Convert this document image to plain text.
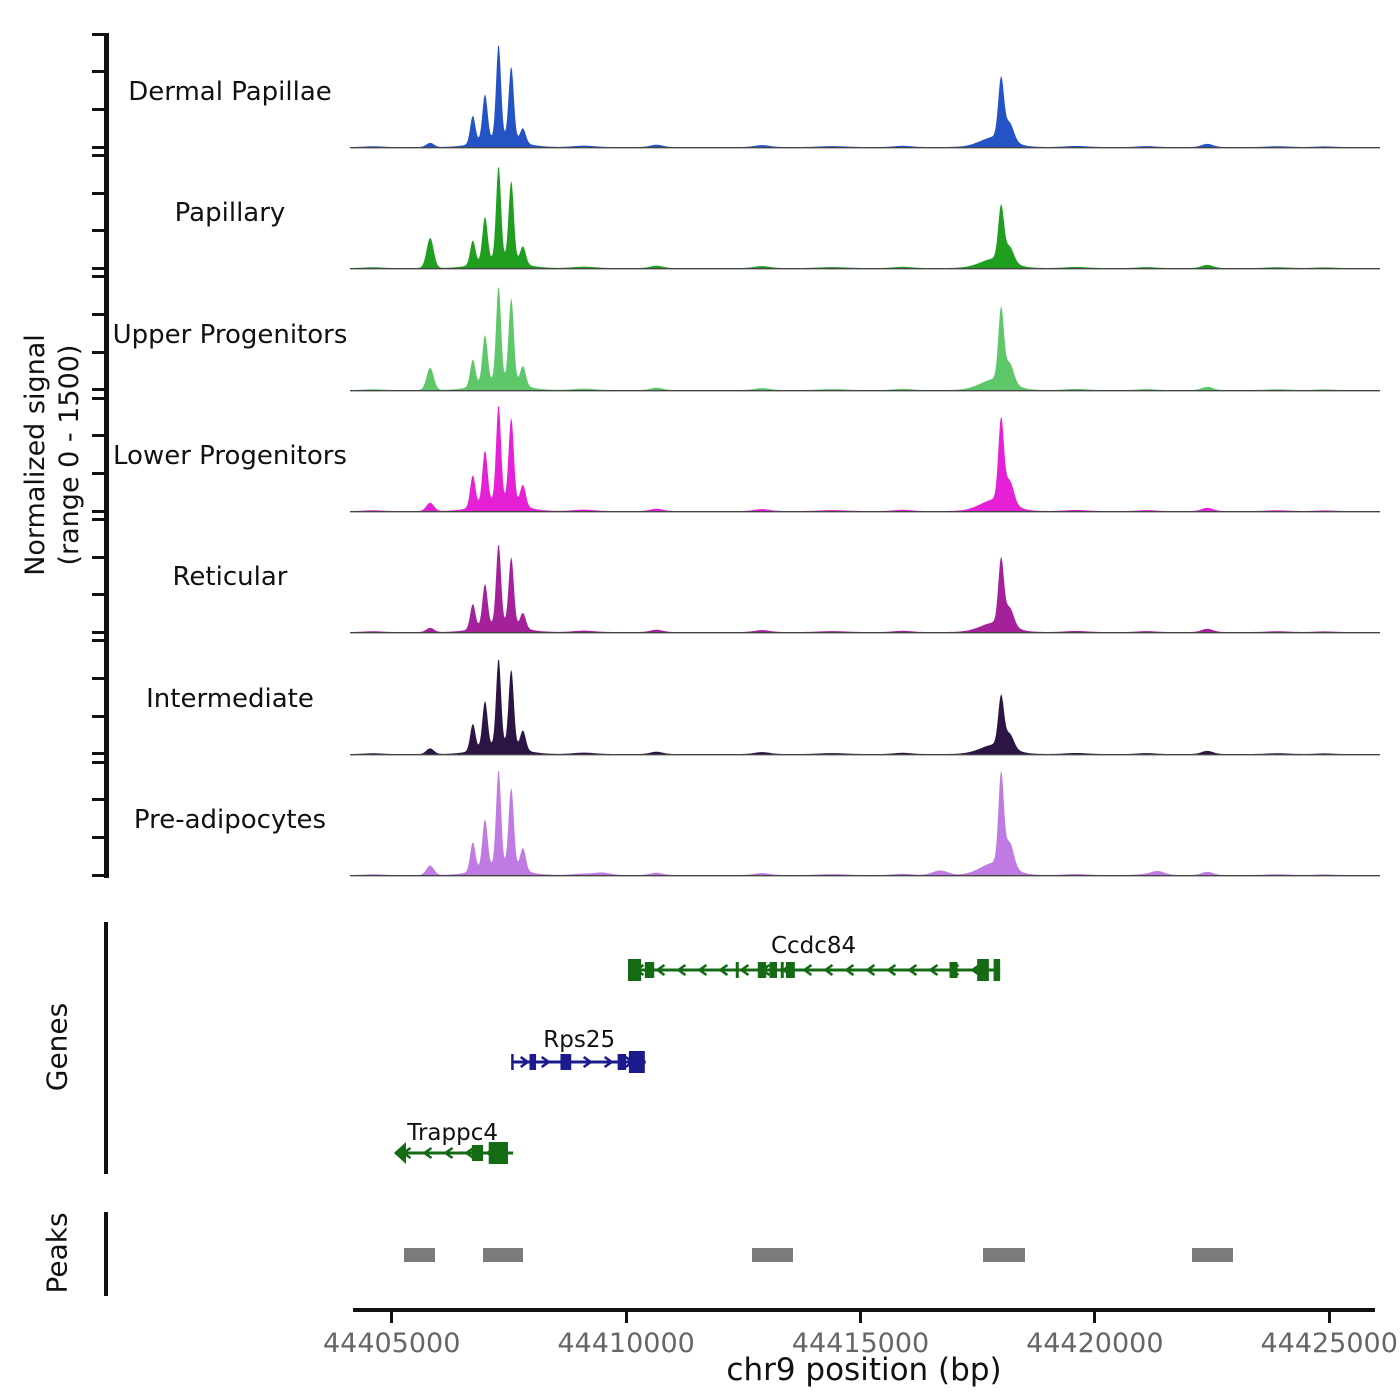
Normalized signal (range 0 - 1500)
Dermal Papillae
Papillary
Upper Progenitors
Lower Progenitors
Reticular
Intermediate
Pre-adipocytes
Genes
Ccdc84
Rps25
Trappc4
Peaks
44405000	44410000	44415000	44420000	44425000
chr9 position (bp)
